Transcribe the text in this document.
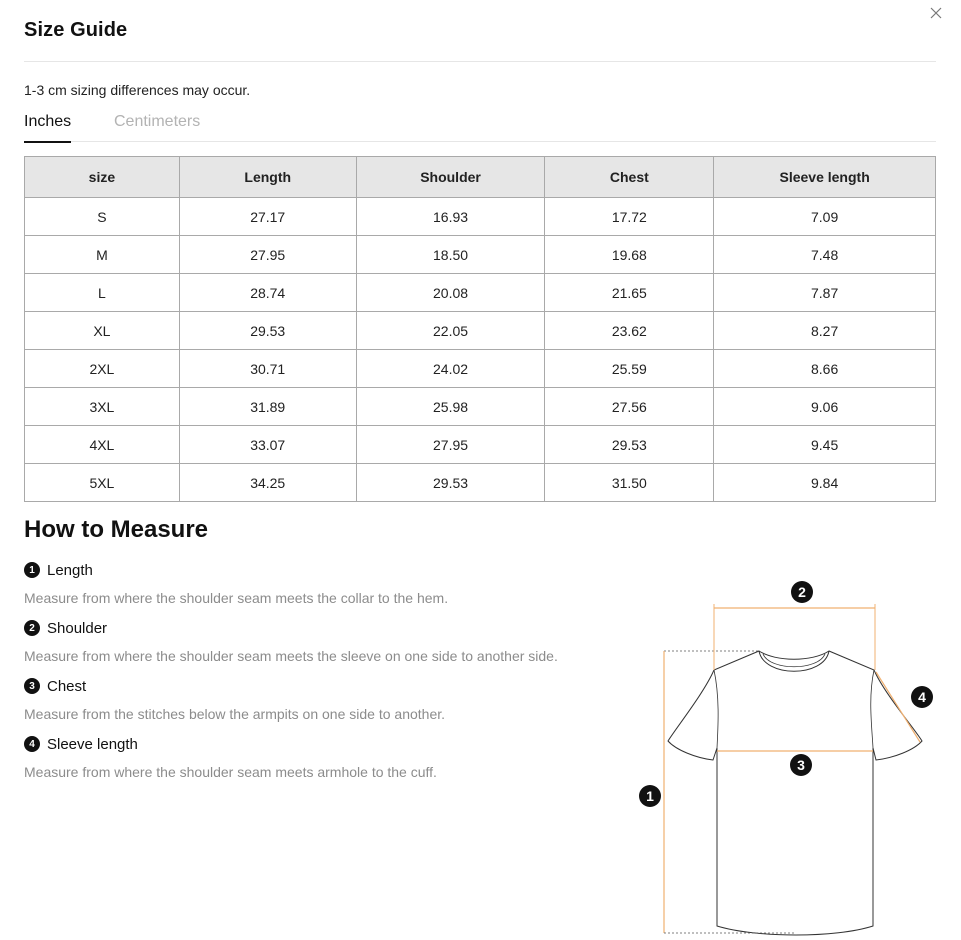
Size Guide
1-3 cm sizing differences may occur.
Inches	Centimeters
size	Length	Shoulder	Chest	Sleeve length
S	27.17	16.93	17.72	7.09
M	27.95	18.50	19.68	7.48
L	28.74	20.08	21.65	7.87
XL	29.53	22.05	23.62	8.27
2XL	30.71	24.02	25.59	8.66
3XL	31.89	25.98	27.56	9.06
4XL	33.07	27.95	29.53	9.45
5XL	34.25	29.53	31.50	9.84
How to Measure
1 Length
Measure from where the shoulder seam meets the collar to the hem.
2 Shoulder
Measure from where the shoulder seam meets the sleeve on one side to another side.
3 Chest
Measure from the stitches below the armpits on one side to another.
4 Sleeve length
Measure from where the shoulder seam meets armhole to the cuff.
1
2
3
4
